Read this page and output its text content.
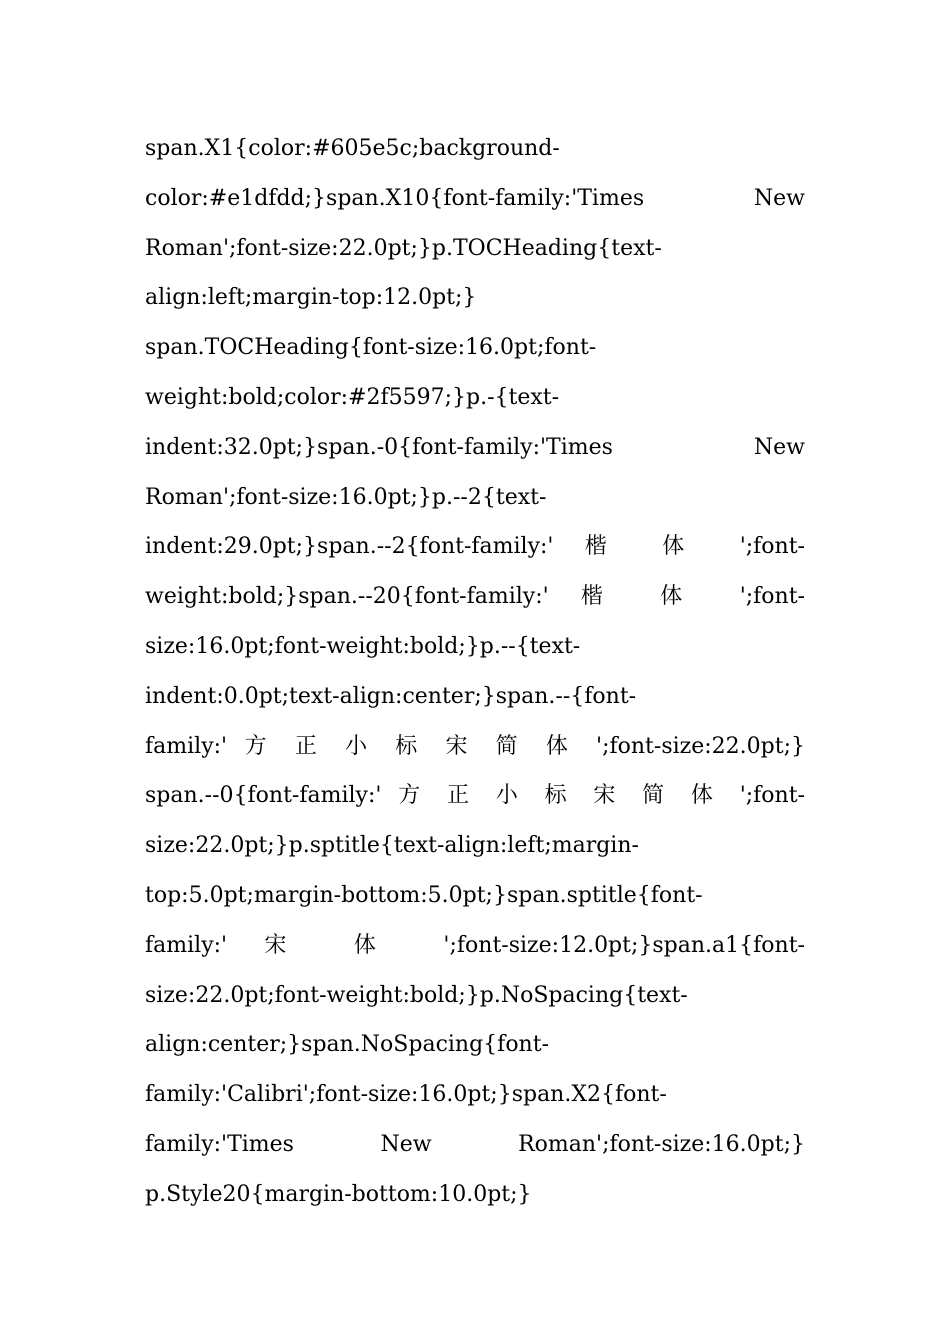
span.X1{color:#605e5c;background-
color:#e1dfdd;}span.X10{font-family:'Times New
Roman';font-size:22.0pt;}p.TOCHeading{text-
align:left;margin-top:12.0pt;}
span.TOCHeading{font-size:16.0pt;font-
weight:bold;color:#2f5597;}p.-{text-
indent:32.0pt;}span.-0{font-family:'Times New
Roman';font-size:16.0pt;}p.--2{text-
indent:29.0pt;}span.--2{font-family:' 楷 体 ';font-
weight:bold;}span.--20{font-family:' 楷 体 ';font-
size:16.0pt;font-weight:bold;}p.--{text-
indent:0.0pt;text-align:center;}span.--{font-
family:' 方 正 小 标 宋 简 体 ';font-size:22.0pt;}
span.--0{font-family:' 方 正 小 标 宋 简 体 ';font-
size:22.0pt;}p.sptitle{text-align:left;margin-
top:5.0pt;margin-bottom:5.0pt;}span.sptitle{font-
family:' 宋 体 ';font-size:12.0pt;}span.a1{font-
size:22.0pt;font-weight:bold;}p.NoSpacing{text-
align:center;}span.NoSpacing{font-
family:'Calibri';font-size:16.0pt;}span.X2{font-
family:'Times New Roman';font-size:16.0pt;}
p.Style20{margin-bottom:10.0pt;}
